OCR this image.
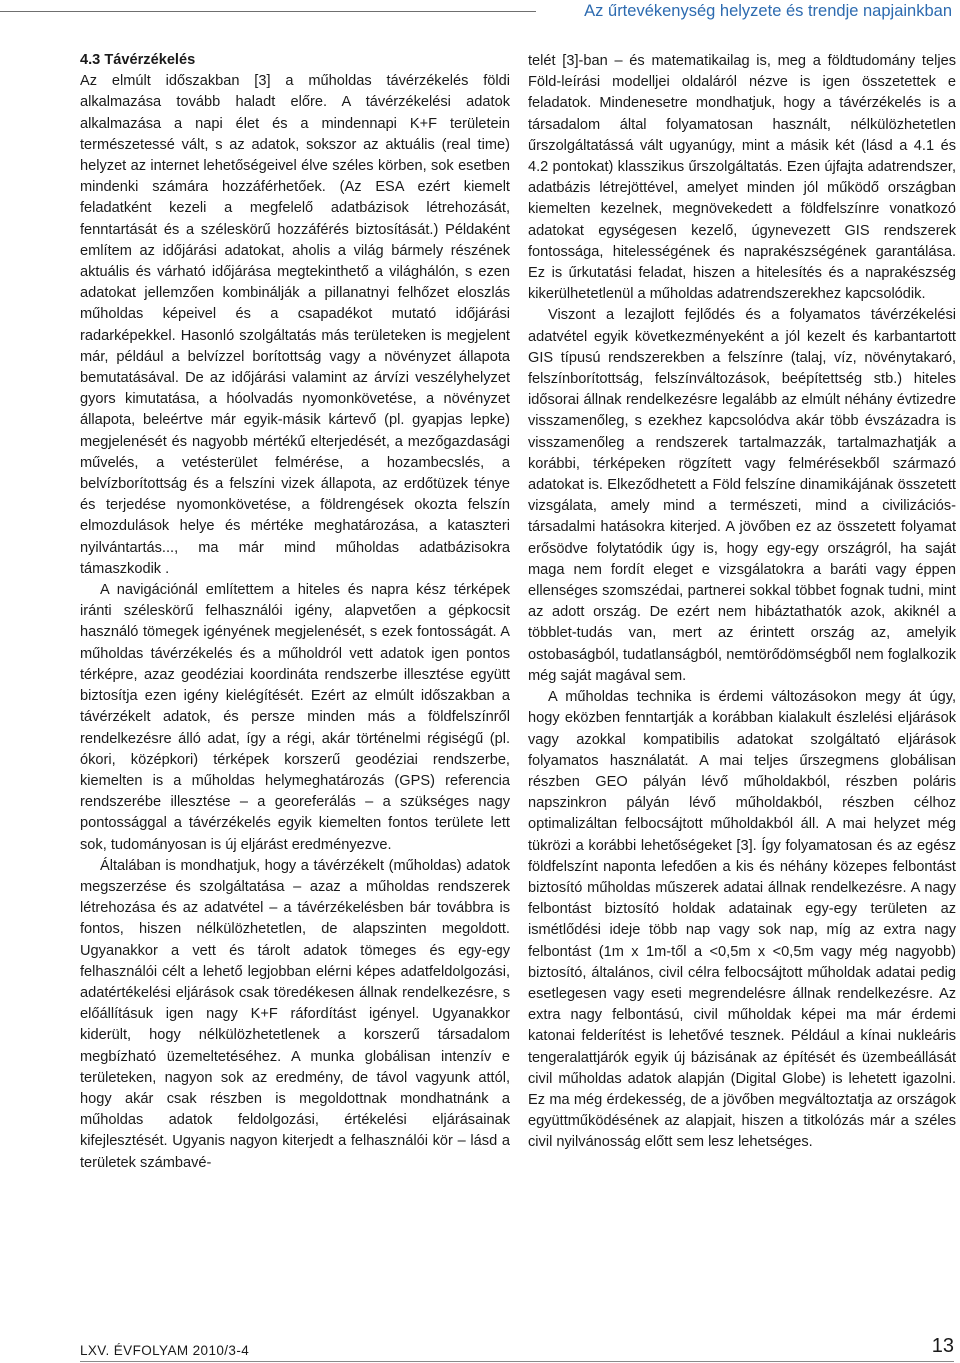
Az űrtevékenység helyzete és trendje napjainkban
4.3 Távérzékelés

Az elmúlt időszakban [3] a műholdas távérzékelés földi alkalmazása tovább haladt előre. A távérzékelési adatok alkalmazása a napi élet és a mindennapi K+F területein természetessé vált, s az adatok, sokszor az aktuális (real time) helyzet az internet lehetőségeivel élve széles körben, sok esetben mindenki számára hozzáférhetőek. (Az ESA ezért kiemelt feladatként kezeli a megfelelő adatbázisok létrehozását, fenntartását és a széleskörű hozzáférés biztosítását.) Példaként említem az időjárási adatokat, aholis a világ bármely részének aktuális és várható időjárása megtekinthető a világhálón, s ezen adatokat jellemzően kombinálják a pillanatnyi felhőzet eloszlás műholdas képeivel és a csapadékot mutató időjárási radarképekkel. Hasonló szolgáltatás más területeken is megjelent már, például a belvízzel borítottság vagy a növényzet állapota bemutatásával. De az időjárási valamint az árvízi veszélyhelyzet gyors kimutatása, a hóolvadás nyomonkövetése, a növényzet állapota, beleértve már egyik-másik kártevő (pl. gyapjas lepke) megjelenését és nagyobb mértékű elterjedését, a mezőgazdasági művelés, a vetésterület felmérése, a hozambecslés, a belvízborítottság és a felszíni vizek állapota, az erdőtüzek ténye és terjedése nyomonkövetése, a földrengések okozta felszín elmozdulások helye és mértéke meghatározása, a kataszteri nyilvántartás..., ma már mind műholdas adatbázisokra támaszkodik .

A navigációnál említettem a hiteles és napra kész térképek iránti széleskörű felhasználói igény, alapvetően a gépkocsit használó tömegek igényének megjelenését, s ezek fontosságát. A műholdas távérzékelés és a műholdról vett adatok igen pontos térképre, azaz geodéziai koordináta rendszerbe illesztése együtt biztosítja ezen igény kielégítését. Ezért az elmúlt időszakban a távérzékelt adatok, és persze minden más a földfelszínről rendelkezésre álló adat, így a régi, akár történelmi régiségű (pl. ókori, középkori) térképek korszerű geodéziai rendszerbe, kiemelten is a műholdas helymeghatározás (GPS) referencia rendszerébe illesztése – a georeferálás – a szükséges nagy pontossággal a távérzékelés egyik kiemelten fontos területe lett sok, tudományosan is új eljárást eredményezve.

Általában is mondhatjuk, hogy a távérzékelt (műholdas) adatok megszerzése és szolgáltatása – azaz a műholdas rendszerek létrehozása és az adatvétel – a távérzékelésben bár továbbra is fontos, hiszen nélkülözhetetlen, de alapszinten megoldott. Ugyanakkor a vett és tárolt adatok tömeges és egy-egy felhasználói célt a lehető legjobban elérni képes adatfeldolgozási, adatértékelési eljárások csak töredékesen állnak rendelkezésre, s előállításuk igen nagy K+F ráfordítást igényel. Ugyanakkor kiderült, hogy nélkülözhetetlenek a korszerű társadalom megbízható üzemeltetéséhez. A munka globálisan intenzív e területeken, nagyon sok az eredmény, de távol vagyunk attól, hogy akár csak részben is megoldottnak mondhatnánk a műholdas adatok feldolgozási, értékelési eljárásainak kifejlesztését. Ugyanis nagyon kiterjedt a felhasználói kör – lásd a területek számbavé-

telét [3]-ban – és matematikailag is, meg a földtudomány teljes Föld-leírási modelljei oldaláról nézve is igen összetettek e feladatok. Mindenesetre mondhatjuk, hogy a távérzékelés is a társadalom által folyamatosan használt, nélkülözhetetlen űrszolgáltatássá vált ugyanúgy, mint a másik két (lásd a 4.1 és 4.2 pontokat) klasszikus űrszolgáltatás. Ezen újfajta adatrendszer, adatbázis létrejöttével, amelyet minden jól működő országban kiemelten kezelnek, megnövekedett a földfelszínre vonatkozó adatokat egységesen kezelő, úgynevezett GIS rendszerek fontossága, hitelességének és naprakészségének garantálása. Ez is űrkutatási feladat, hiszen a hitelesítés és a naprakészség kikerülhetetlenül a műholdas adatrendszerekhez kapcsolódik.

Viszont a lezajlott fejlődés és a folyamatos távérzékelési adatvétel egyik következményeként a jól kezelt és karbantartott GIS típusú rendszerekben a felszínre (talaj, víz, növénytakaró, felszínborítottság, felszínváltozások, beépítettség stb.) hiteles idősorai állnak rendelkezésre legalább az elmúlt néhány évtizedre visszamenőleg, s ezekhez kapcsolódva akár több évszázadra is visszamenőleg a rendszerek tartalmazzák, tartalmazhatják a korábbi, térképeken rögzített vagy felmérésekből származó adatokat is. Elkeződhetett a Föld felszíne dinamikájának összetett vizsgálata, amely mind a természeti, mind a civilizációs-társadalmi hatásokra kiterjed. A jövőben ez az összetett folyamat erősödve folytatódik úgy is, hogy egy-egy országról, ha saját maga nem fordít eleget e vizsgálatokra a baráti vagy éppen ellenséges szomszédai, partnerei sokkal többet fognak tudni, mint az adott ország. De ezért nem hibáztathatók azok, akiknél a többlet-tudás van, mert az érintett ország az, amelyik ostobaságból, tudatlanságból, nemtörődömségből nem foglalkozik még saját magával sem.

A műholdas technika is érdemi változásokon megy át úgy, hogy eközben fenntartják a korábban kialakult észlelési eljárások vagy azokkal kompatibilis adatokat szolgáltató eljárások folyamatos használatát. A mai teljes űrszegmens globálisan részben GEO pályán lévő műholdakból, részben poláris napszinkron pályán lévő műholdakból, részben célhoz optimalizáltan felbocsájtott műholdakból áll. A mai helyzet még tükrözi a korábbi lehetőségeket [3]. Így folyamatosan és az egész földfelszínt naponta lefedően a kis és néhány közepes felbontást biztosító műholdas műszerek adatai állnak rendelkezésre. A nagy felbontást biztosító holdak adatainak egy-egy területen az ismétlődési ideje több nap vagy sok nap, míg az extra nagy felbontást (1m x 1m-től a <0,5m x <0,5m vagy még nagyobb) biztosító, általános, civil célra felbocsájtott műholdak adatai pedig esetlegesen vagy eseti megrendelésre állnak rendelkezésre. Az extra nagy felbontású, civil műholdak képei ma már érdemi katonai felderítést is lehetővé tesznek. Például a kínai nukleáris tengeralattjárók egyik új bázisának az építését és üzembeállását civil műholdas adatok alapján (Digital Globe) is lehetett igazolni. Ez ma még érdekesség, de a jövőben megváltoztatja az országok együttműködésének az alapjait, hiszen a titkolózás már a széles civil nyilvánosság előtt sem lesz lehetséges.

LXV. ÉVFOLYAM 2010/3-4	13
